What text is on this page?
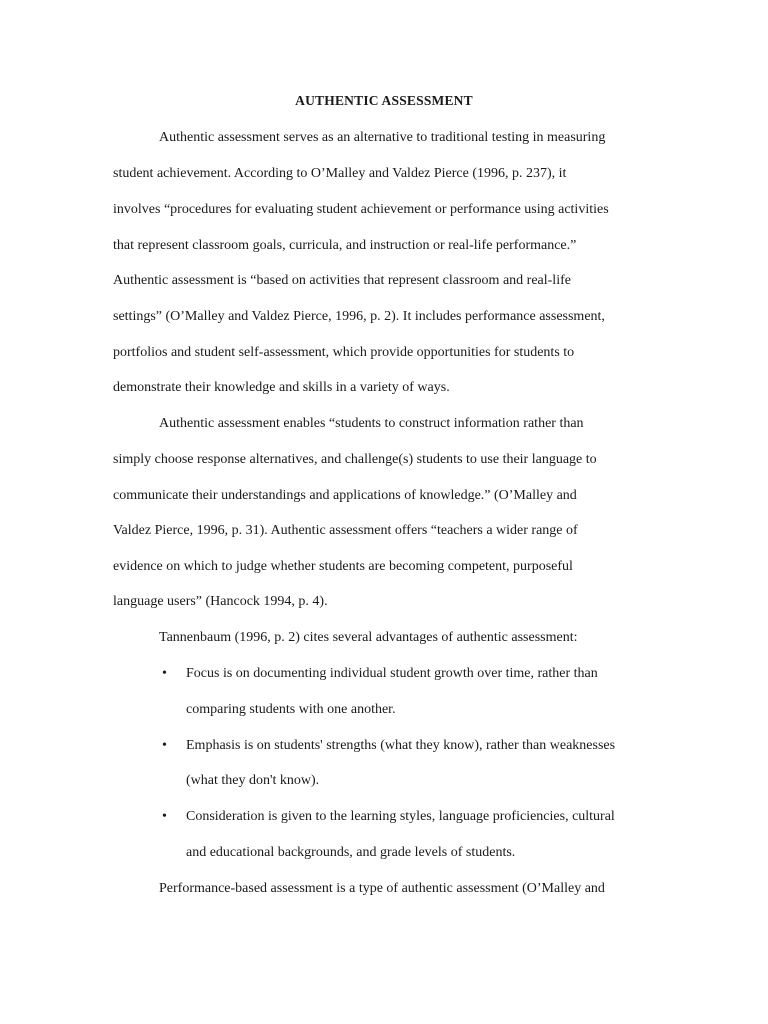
AUTHENTIC ASSESSMENT
Authentic assessment serves as an alternative to traditional testing in measuring
student achievement. According to O’Malley and Valdez Pierce (1996, p. 237), it
involves “procedures for evaluating student achievement or performance using activities
that represent classroom goals, curricula, and instruction or real-life performance.”
Authentic assessment is “based on activities that represent classroom and real-life
settings” (O’Malley and Valdez Pierce, 1996, p. 2). It includes performance assessment,
portfolios and student self-assessment, which provide opportunities for students to
demonstrate their knowledge and skills in a variety of ways.
Authentic assessment enables “students to construct information rather than
simply choose response alternatives, and challenge(s) students to use their language to
communicate their understandings and applications of knowledge.” (O’Malley and
Valdez Pierce, 1996, p. 31). Authentic assessment offers “teachers a wider range of
evidence on which to judge whether students are becoming competent, purposeful
language users” (Hancock 1994, p. 4).
Tannenbaum (1996, p. 2) cites several advantages of authentic assessment:
• Focus is on documenting individual student growth over time, rather than
comparing students with one another.
• Emphasis is on students' strengths (what they know), rather than weaknesses
(what they don't know).
• Consideration is given to the learning styles, language proficiencies, cultural
and educational backgrounds, and grade levels of students.
Performance-based assessment is a type of authentic assessment (O’Malley and
